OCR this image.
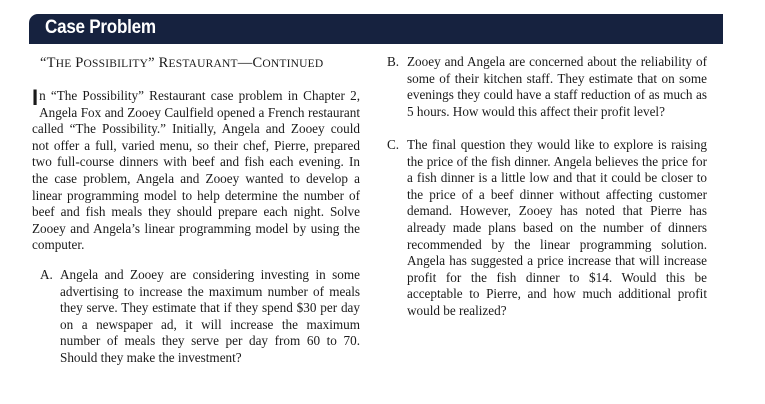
Case Problem
“THE POSSIBILITY” RESTAURANT—CONTINUED
In “The Possibility” Restaurant case problem in Chapter 2, Angela Fox and Zooey Caulfield opened a French restaurant called “The Possibility.” Initially, Angela and Zooey could not offer a full, varied menu, so their chef, Pierre, prepared two full-course dinners with beef and fish each evening. In the case problem, Angela and Zooey wanted to develop a linear programming model to help determine the number of beef and fish meals they should prepare each night. Solve Zooey and Angela’s linear programming model by using the computer.
A. Angela and Zooey are considering investing in some advertising to increase the maximum number of meals they serve. They estimate that if they spend $30 per day on a newspaper ad, it will increase the maximum number of meals they serve per day from 60 to 70. Should they make the investment?
B. Zooey and Angela are concerned about the reliability of some of their kitchen staff. They estimate that on some evenings they could have a staff reduction of as much as 5 hours. How would this affect their profit level?
C. The final question they would like to explore is raising the price of the fish dinner. Angela believes the price for a fish dinner is a little low and that it could be closer to the price of a beef dinner without affecting customer demand. However, Zooey has noted that Pierre has already made plans based on the number of dinners recommended by the linear programming solution. Angela has suggested a price increase that will increase profit for the fish dinner to $14. Would this be acceptable to Pierre, and how much additional profit would be realized?
